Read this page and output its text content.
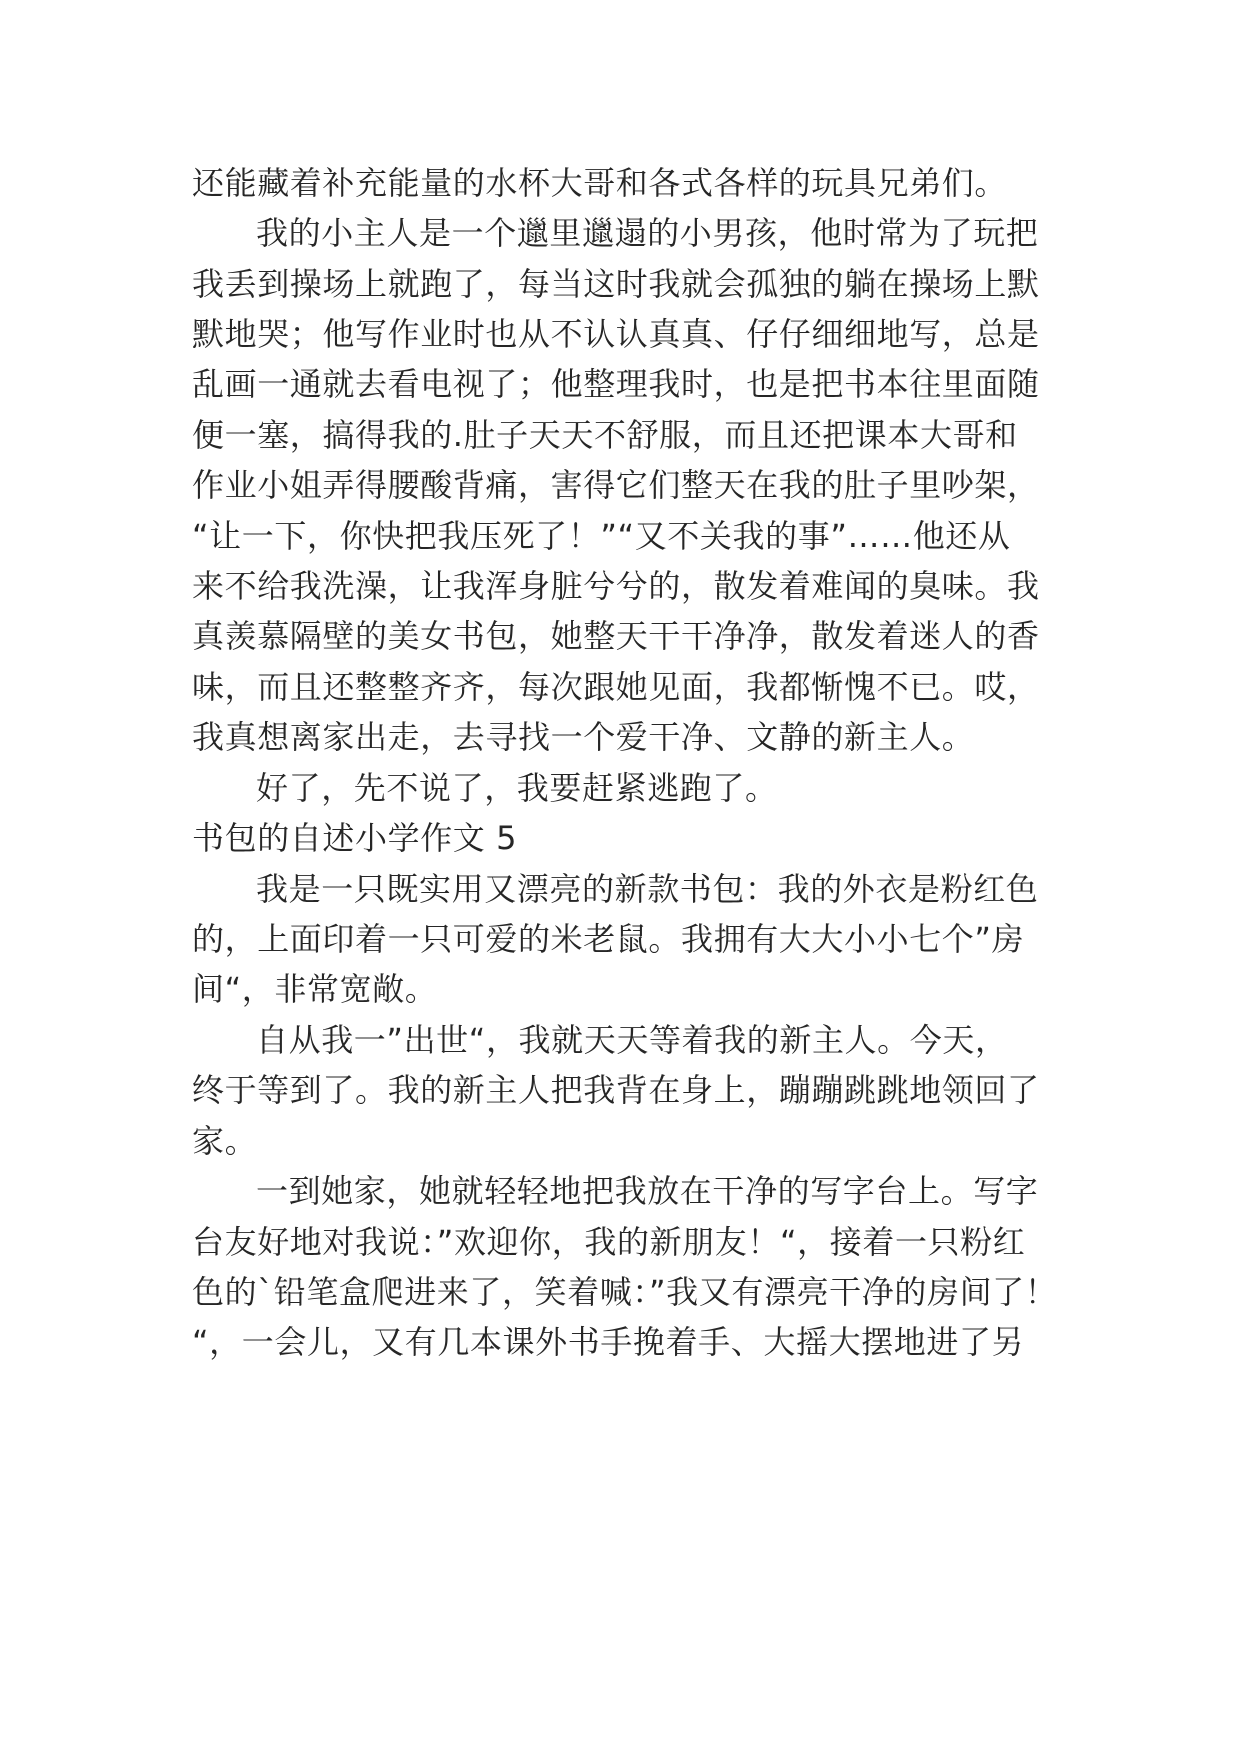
还能藏着补充能量的水杯大哥和各式各样的玩具兄弟们。
我的小主人是一个邋里邋遢的小男孩，他时常为了玩把
我丢到操场上就跑了，每当这时我就会孤独的躺在操场上默
默地哭；他写作业时也从不认认真真、仔仔细细地写，总是
乱画一通就去看电视了；他整理我时，也是把书本往里面随
便一塞，搞得我的.肚子天天不舒服，而且还把课本大哥和
作业小姐弄得腰酸背痛，害得它们整天在我的肚子里吵架，
“让一下，你快把我压死了！”“又不关我的事”……他还从
来不给我洗澡，让我浑身脏兮兮的，散发着难闻的臭味。我
真羡慕隔壁的美女书包，她整天干干净净，散发着迷人的香
味，而且还整整齐齐，每次跟她见面，我都惭愧不已。哎，
我真想离家出走，去寻找一个爱干净、文静的新主人。
好了，先不说了，我要赶紧逃跑了。
书包的自述小学作文 5
我是一只既实用又漂亮的新款书包：我的外衣是粉红色
的，上面印着一只可爱的米老鼠。我拥有大大小小七个”房
间“，非常宽敞。
自从我一”出世“，我就天天等着我的新主人。今天，
终于等到了。我的新主人把我背在身上，蹦蹦跳跳地领回了
家。
一到她家，她就轻轻地把我放在干净的写字台上。写字
台友好地对我说：”欢迎你，我的新朋友！“，接着一只粉红
色的`铅笔盒爬进来了，笑着喊：”我又有漂亮干净的房间了！
“，一会儿，又有几本课外书手挽着手、大摇大摆地进了另
